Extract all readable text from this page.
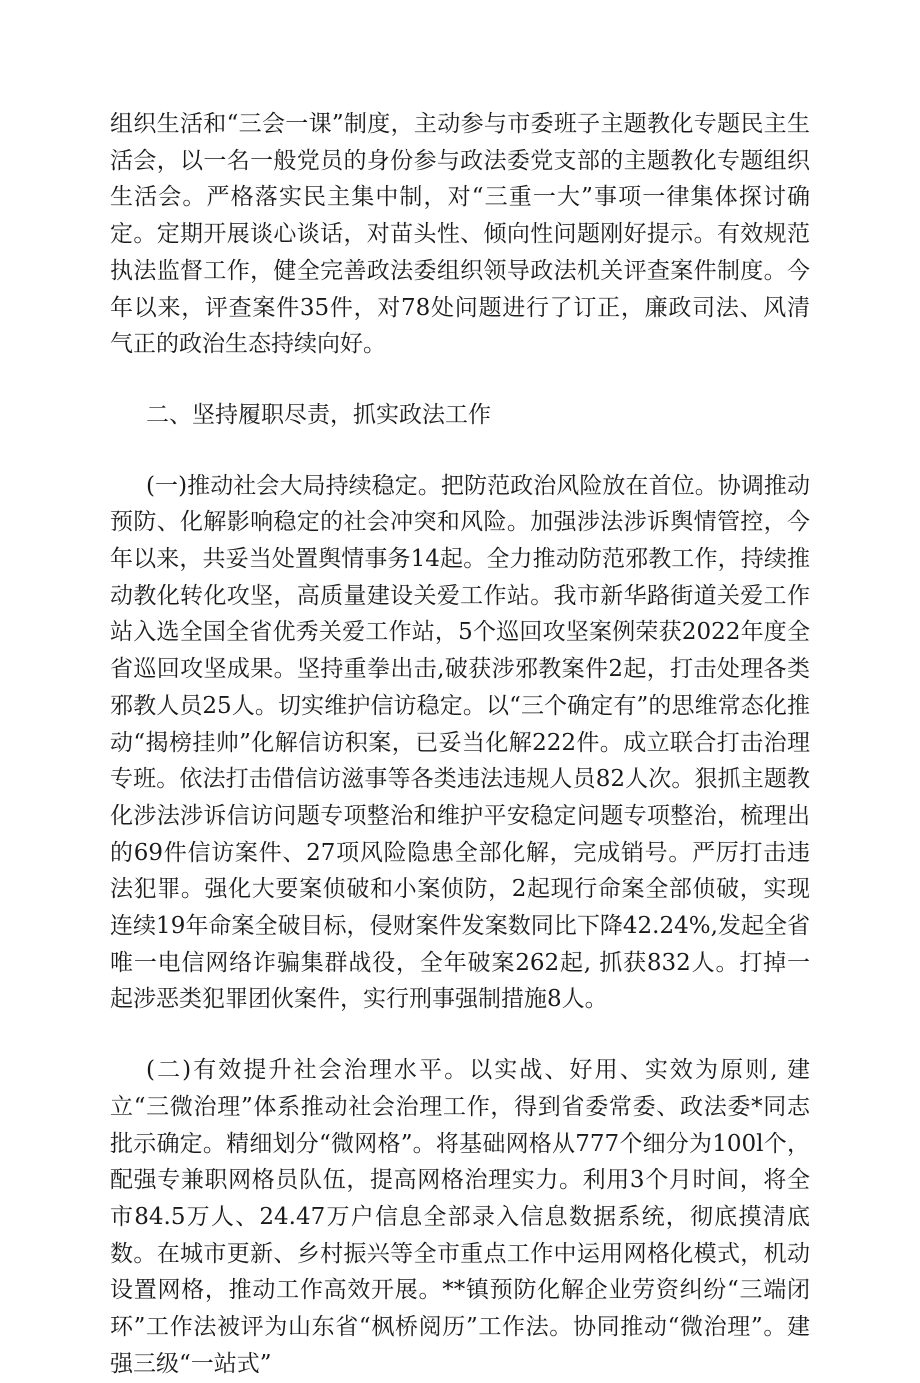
组织生活和“三会一课”制度，主动参与市委班子主题教化专题民主生活会，以一名一般党员的身份参与政法委党支部的主题教化专题组织生活会。严格落实民主集中制，对“三重一大”事项一律集体探讨确定。定期开展谈心谈话，对苗头性、倾向性问题刚好提示。有效规范执法监督工作，健全完善政法委组织领导政法机关评查案件制度。今年以来，评查案件35件，对78处问题进行了订正，廉政司法、风清气正的政治生态持续向好。

二、坚持履职尽责，抓实政法工作

(一)推动社会大局持续稳定。把防范政治风险放在首位。协调推动预防、化解影响稳定的社会冲突和风险。加强涉法涉诉舆情管控，今年以来，共妥当处置舆情事务14起。全力推动防范邪教工作，持续推动教化转化攻坚，高质量建设关爱工作站。我市新华路街道关爱工作站入选全国全省优秀关爱工作站，5个巡回攻坚案例荣获2022年度全省巡回攻坚成果。坚持重拳出击,破获涉邪教案件2起，打击处理各类邪教人员25人。切实维护信访稳定。以“三个确定有”的思维常态化推动“揭榜挂帅”化解信访积案，已妥当化解222件。成立联合打击治理专班。依法打击借信访滋事等各类违法违规人员82人次。狠抓主题教化涉法涉诉信访问题专项整治和维护平安稳定问题专项整治，梳理出的69件信访案件、27项风险隐患全部化解，完成销号。严厉打击违法犯罪。强化大要案侦破和小案侦防，2起现行命案全部侦破，实现连续19年命案全破目标，侵财案件发案数同比下降42.24%,发起全省唯一电信网络诈骗集群战役，全年破案262起, 抓获832人。打掉一起涉恶类犯罪团伙案件，实行刑事强制措施8人。

(二)有效提升社会治理水平。以实战、好用、实效为原则, 建立“三微治理”体系推动社会治理工作，得到省委常委、政法委*同志批示确定。精细划分“微网格”。将基础网格从777个细分为100l个，配强专兼职网格员队伍，提高网格治理实力。利用3个月时间，将全市84.5万人、24.47万户信息全部录入信息数据系统，彻底摸清底数。在城市更新、乡村振兴等全市重点工作中运用网格化模式，机动设置网格，推动工作高效开展。**镇预防化解企业劳资纠纷“三端闭环”工作法被评为山东省“枫桥阅历”工作法。协同推动“微治理”。建强三级“一站式”
